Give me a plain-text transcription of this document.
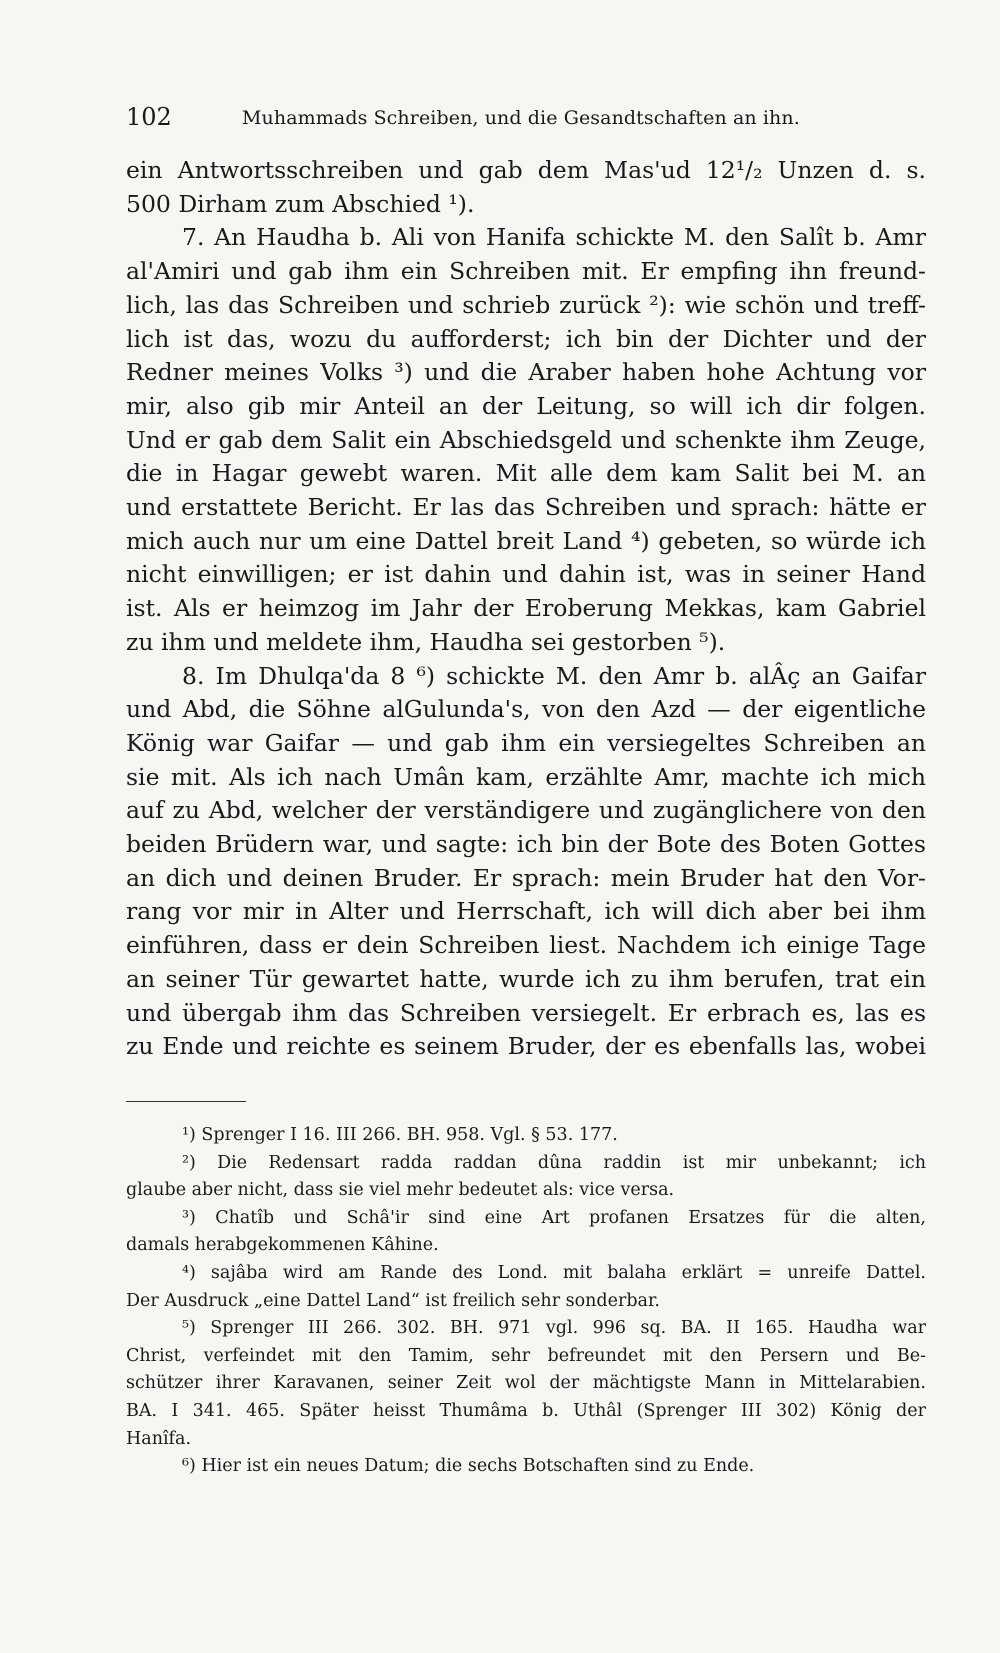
102	Muhammads Schreiben, und die Gesandtschaften an ihn.
ein Antwortsschreiben und gab dem Mas'ud 12¹/₂ Unzen d. s.
500 Dirham zum Abschied ¹).
7. An Haudha b. Ali von Hanifa schickte M. den Salît b. Amr
al'Amiri und gab ihm ein Schreiben mit. Er empfing ihn freund-
lich, las das Schreiben und schrieb zurück ²): wie schön und treff-
lich ist das, wozu du aufforderst; ich bin der Dichter und der
Redner meines Volks ³) und die Araber haben hohe Achtung vor
mir, also gib mir Anteil an der Leitung, so will ich dir folgen.
Und er gab dem Salit ein Abschiedsgeld und schenkte ihm Zeuge,
die in Hagar gewebt waren. Mit alle dem kam Salit bei M. an
und erstattete Bericht. Er las das Schreiben und sprach: hätte er
mich auch nur um eine Dattel breit Land ⁴) gebeten, so würde ich
nicht einwilligen; er ist dahin und dahin ist, was in seiner Hand
ist. Als er heimzog im Jahr der Eroberung Mekkas, kam Gabriel
zu ihm und meldete ihm, Haudha sei gestorben ⁵).
8. Im Dhulqa'da 8 ⁶) schickte M. den Amr b. alÂç an Gaifar
und Abd, die Söhne alGulunda's, von den Azd — der eigentliche
König war Gaifar — und gab ihm ein versiegeltes Schreiben an
sie mit. Als ich nach Umân kam, erzählte Amr, machte ich mich
auf zu Abd, welcher der verständigere und zugänglichere von den
beiden Brüdern war, und sagte: ich bin der Bote des Boten Gottes
an dich und deinen Bruder. Er sprach: mein Bruder hat den Vor-
rang vor mir in Alter und Herrschaft, ich will dich aber bei ihm
einführen, dass er dein Schreiben liest. Nachdem ich einige Tage
an seiner Tür gewartet hatte, wurde ich zu ihm berufen, trat ein
und übergab ihm das Schreiben versiegelt. Er erbrach es, las es
zu Ende und reichte es seinem Bruder, der es ebenfalls las, wobei
¹) Sprenger I 16. III 266. BH. 958. Vgl. § 53. 177.
²) Die Redensart radda raddan dûna raddin ist mir unbekannt; ich
glaube aber nicht, dass sie viel mehr bedeutet als: vice versa.
³) Chatîb und Schâ'ir sind eine Art profanen Ersatzes für die alten,
damals herabgekommenen Kâhine.
⁴) sajâba wird am Rande des Lond. mit balaha erklärt = unreife Dattel.
Der Ausdruck „eine Dattel Land“ ist freilich sehr sonderbar.
⁵) Sprenger III 266. 302. BH. 971 vgl. 996 sq. BA. II 165. Haudha war
Christ, verfeindet mit den Tamim, sehr befreundet mit den Persern und Be-
schützer ihrer Karavanen, seiner Zeit wol der mächtigste Mann in Mittelarabien.
BA. I 341. 465. Später heisst Thumâma b. Uthâl (Sprenger III 302) König der
Hanîfa.
⁶) Hier ist ein neues Datum; die sechs Botschaften sind zu Ende.
